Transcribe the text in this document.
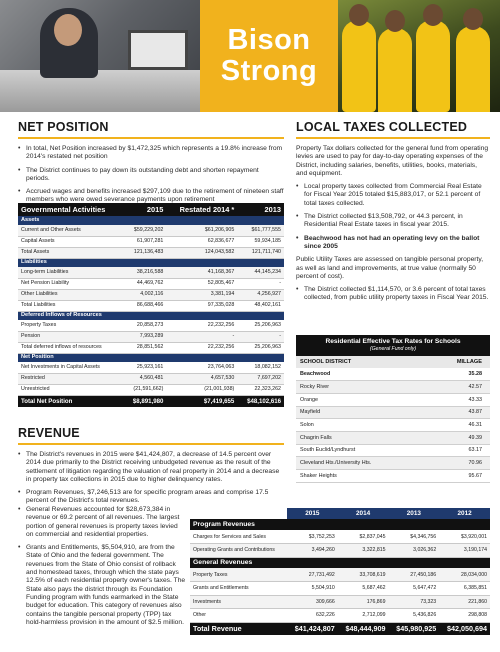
Bison
Strong
NET POSITION
• In total, Net Position increased by $1,472,325 which represents a 19.8% increase from 2014's restated net position
• The District continues to pay down its outstanding debt and shorten repayment periods.
• Accrued wages and benefits increased $297,109 due to the retirement of nineteen staff members who were owed severance payments upon retirement
Governmental Activities	2015	Restated 2014 *	2013
Assets			
Current and Other Assets	$59,229,202	$61,206,905	$61,777,555
Capital Assets	61,907,281	62,836,677	59,934,185
Total Assets	121,136,483	124,043,582	121,711,740
Liabilities			
Long-term Liabilities	38,216,588	41,168,367	44,145,234
Net Pension Liability	44,469,762	52,805,467	-
Other Liabilities	4,002,116	3,381,194	4,256,927
Total Liabilities	86,688,466	97,335,028	48,402,161
Deferred Inflows of Resources			
Property Taxes	20,858,273	22,232,256	25,206,963
Pension	7,993,289	-	-
Total deferred inflows of resources	28,851,562	22,232,256	25,206,963
Net Position			
Net Investments in Capital Assets	25,923,161	23,764,063	18,082,152
Restricted	4,560,481	4,657,530	7,697,202
Unrestricted	(21,591,662)	(21,001,938)	22,323,262
Total Net Position	$8,891,980	$7,419,655	$48,102,616
REVENUE
• The District's revenues in 2015 were $41,424,807, a decrease of 14.5 percent over 2014 due primarily to the District receiving unbudgeted revenue as the result of the settlement of litigation regarding the valuation of real property in 2014 and a decrease in property tax collections in 2015 due to higher delinquency rates.
• Program Revenues, $7,246,513 are for specific program areas and comprise 17.5 percent of the District's total revenues.
• General Revenues accounted for $28,673,384 in revenue or 69.2 percent of all revenues. The largest portion of general revenues is property taxes levied on commercial and residential properties.
• Grants and Entitlements, $5,504,910, are from the State of Ohio and the federal government. The revenues from the State of Ohio consist of rollback and homestead taxes, through which the state pays 12.5% of each residential property owner's taxes. The State also pays the district through its Foundation Funding program with funds earmarked in the State budget for education. This category of revenues also contains the tangible personal property (TPP) tax hold-harmless provision in the amount of $2.5 million.
LOCAL TAXES COLLECTED

Property Tax dollars collected for the general fund from operating levies are used to pay for day-to-day operating expenses of the District, including salaries, benefits, utilities, books, materials, and equipment.

• Local property taxes collected from Commercial Real Estate for Fiscal Year 2015 totaled $15,883,017, or 52.1 percent of total taxes collected.
• The District collected $13,508,792, or 44.3 percent, in Residential Real Estate taxes in fiscal year 2015.
• Beachwood has not had an operating levy on the ballot since 2005

Public Utility Taxes are assessed on tangible personal property, as well as land and improvements, at true value (normally 50 percent of cost).

• The District collected $1,114,570, or 3.6 percent of total taxes collected, from public utility property taxes in Fiscal Year 2015.
Residential Effective Tax Rates for Schools
(General Fund only)
SCHOOL DISTRICT	MILLAGE
Beachwood	35.28
Rocky River	42.57
Orange	43.33
Mayfield	43.87
Solon	46.31
Chagrin Falls	49.39
South Euclid/Lyndhurst	63.17
Cleveland Hts./University Hts.	70.96
Shaker Heights	95.67
	2015	2014	2013	2012
Program Revenues				
Charges for Services and Sales	$3,752,253	$2,837,045	$4,346,756	$3,920,001
Operating Grants and Contributions	3,494,260	3,322,815	3,026,362	3,190,174
General Revenues				
Property Taxes	27,731,492	33,708,619	27,450,186	28,034,000
Grants and Entitlements	5,504,910	5,687,462	5,647,472	6,385,851
Investments	309,666	176,869	73,323	221,860
Other	632,226	2,712,099	5,436,826	298,808
Total Revenue	$41,424,807	$48,444,909	$45,980,925	$42,050,694
